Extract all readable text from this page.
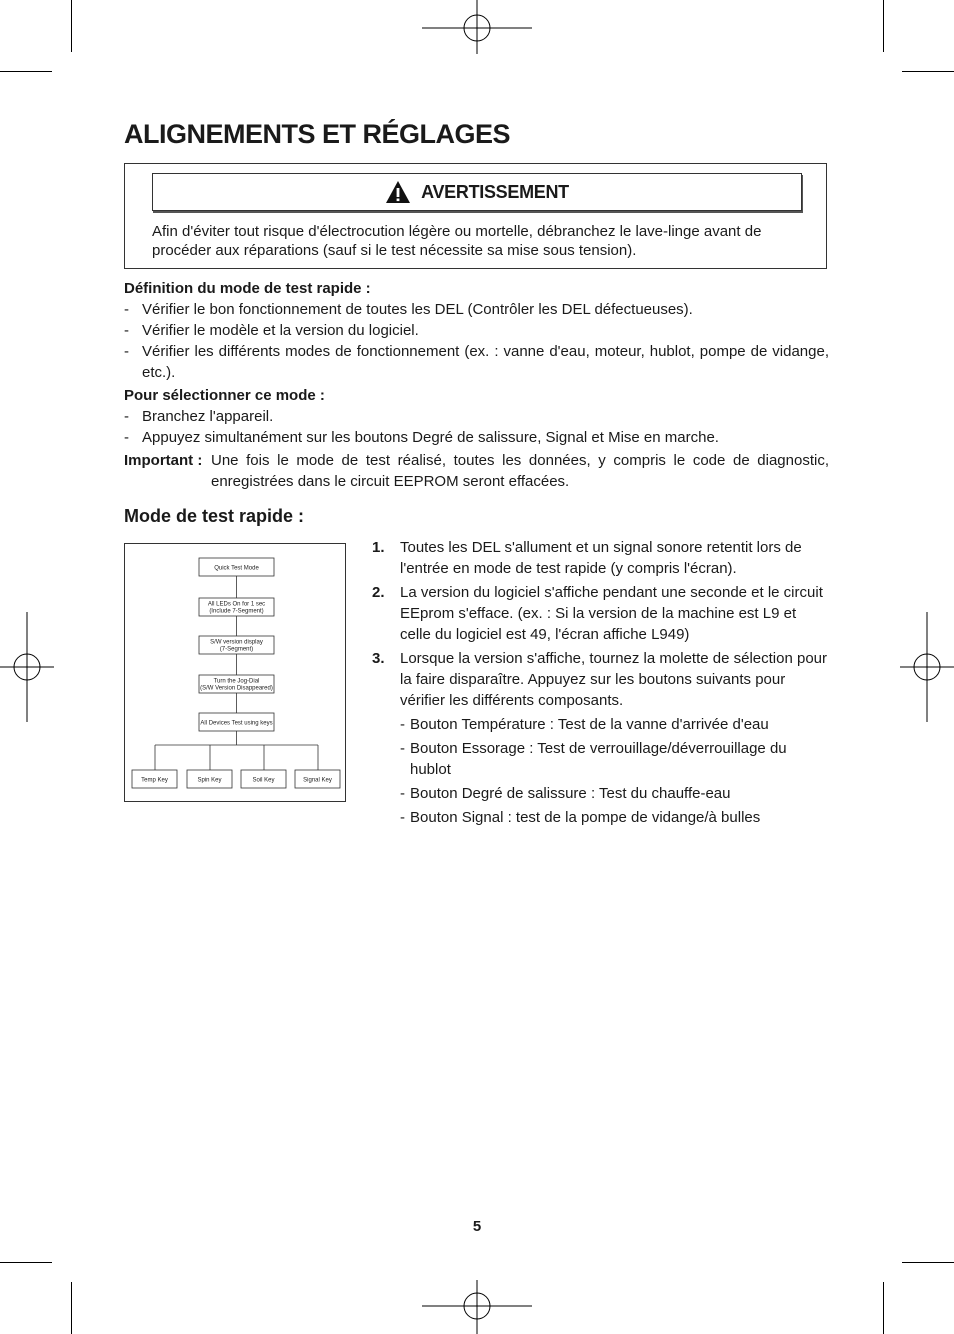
ALIGNEMENTS ET RÉGLAGES
AVERTISSEMENT
Afin d'éviter tout risque d'électrocution légère ou mortelle, débranchez le lave-linge avant de procéder aux réparations (sauf si le test nécessite sa mise sous tension).

Définition du mode de test rapide :

- Vérifier le bon fonctionnement de toutes les DEL (Contrôler les DEL défectueuses).
- Vérifier le modèle et la version du logiciel.
- Vérifier les différents modes de fonctionnement (ex. : vanne d'eau, moteur, hublot, pompe de vidange, etc.).

Pour sélectionner ce mode :

- Branchez l'appareil.
- Appuyez simultanément sur les boutons Degré de salissure, Signal et Mise en marche.
Important : Une fois le mode de test réalisé, toutes les données, y compris le code de diagnostic, enregistrées dans le circuit EEPROM seront effacées.
Mode de test rapide :
Quick Test Mode
All LEDs On for 1 sec
(Include 7-Segment)
S/W version display
(7-Segment)
Turn the Jog-Dial
(S/W Version Disappeared)
All Devices Test using keys
Temp Key	Spin Key	Soil Key	Signal Key
1.	Toutes les DEL s'allument et un signal sonore retentit lors de l'entrée en mode de test rapide (y compris l'écran).
2.	La version du logiciel s'affiche pendant une seconde et le circuit EEprom s'efface. (ex. : Si la version de la machine est L9 et celle du logiciel est 49, l'écran affiche L949)
3.	Lorsque la version s'affiche, tournez la molette de sélection pour la faire disparaître. Appuyez sur les boutons suivants pour vérifier les différents composants.
- Bouton Température : Test de la vanne d'arrivée d'eau
- Bouton Essorage : Test de verrouillage/déverrouillage du hublot
- Bouton Degré de salissure : Test du chauffe-eau
- Bouton Signal : test de la pompe de vidange/à bulles
5
